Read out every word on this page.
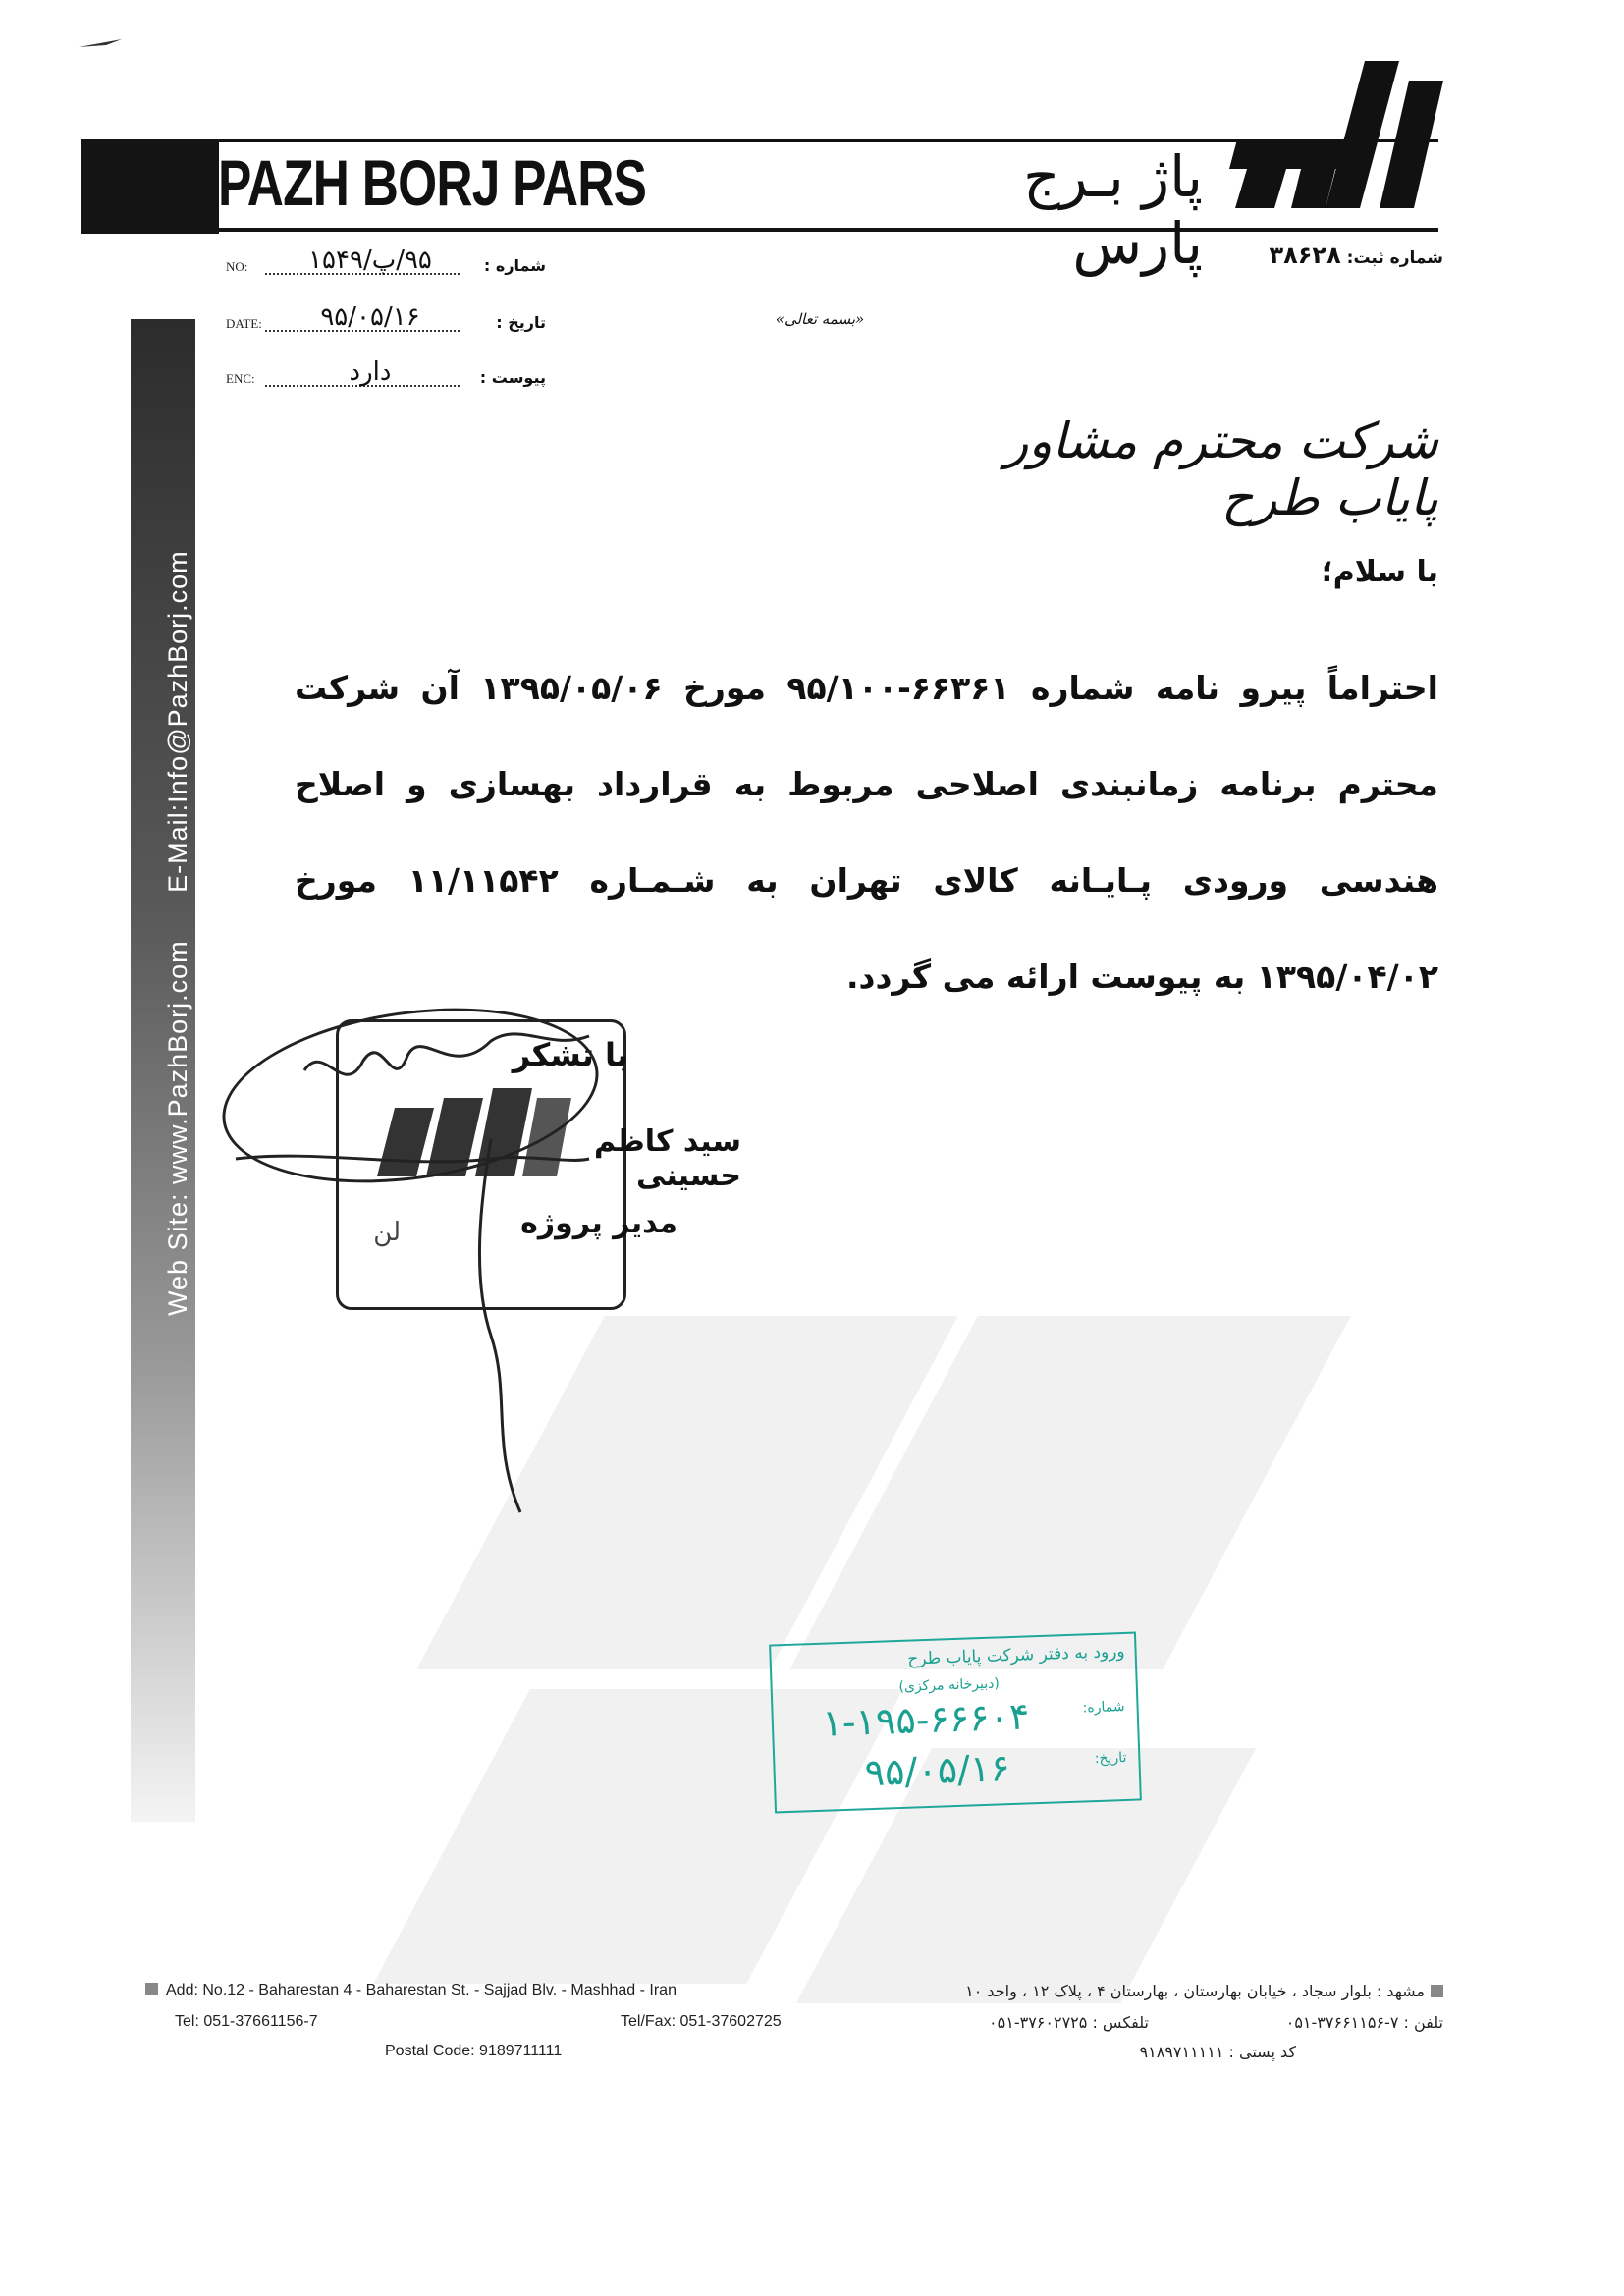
PAZH BORJ PARS	پاژ بـرج پارس	شماره ثبت: ۳۸۶۲۸
NO:	۹۵/پ/۱۵۴۹	شماره :
DATE:	۹۵/۰۵/۱۶	تاریخ :
ENC:	دارد	پیوست :
«بسمه تعالی»
Web Site: www.PazhBorj.com E-Mail:Info@PazhBorj.com
شرکت محترم مشاور پایاب طرح
با سلام؛
احتراماً پیرو نامه شماره ۶۶۳۶۱-۹۵/۱۰۰ مورخ ۱۳۹۵/۰۵/۰۶ آن شرکت محترم برنامه زمانبندی اصلاحی مربوط به قرارداد بهسازی و اصلاح هندسی ورودی پـایـانه کالای تهران به شـمـاره ۱۱/۱۱۵۴۲ مورخ ۱۳۹۵/۰۴/۰۲ به پیوست ارائه می گردد.
لن
با تشکر
سید کاظم حسینی
مدیر پروژه
ورود به دفتر شرکت پایاب طرح
(دبیرخانه مرکزی)
شماره:
۱-۱۹۵-۶۶۶۰۴
تاریخ:
۹۵/۰۵/۱۶
Add: No.12 - Baharestan 4 - Baharestan St. - Sajjad Blv. - Mashhad - Iran
Tel: 051-37661156-7	Tel/Fax: 051-37602725
Postal Code: 9189711111
مشهد : بلوار سجاد ، خیابان بهارستان ، بهارستان ۴ ، پلاک ۱۲ ، واحد ۱۰
تلفن : ۷-۳۷۶۶۱۱۵۶-۰۵۱
تلفکس : ۳۷۶۰۲۷۲۵-۰۵۱
کد پستی : ۹۱۸۹۷۱۱۱۱۱
